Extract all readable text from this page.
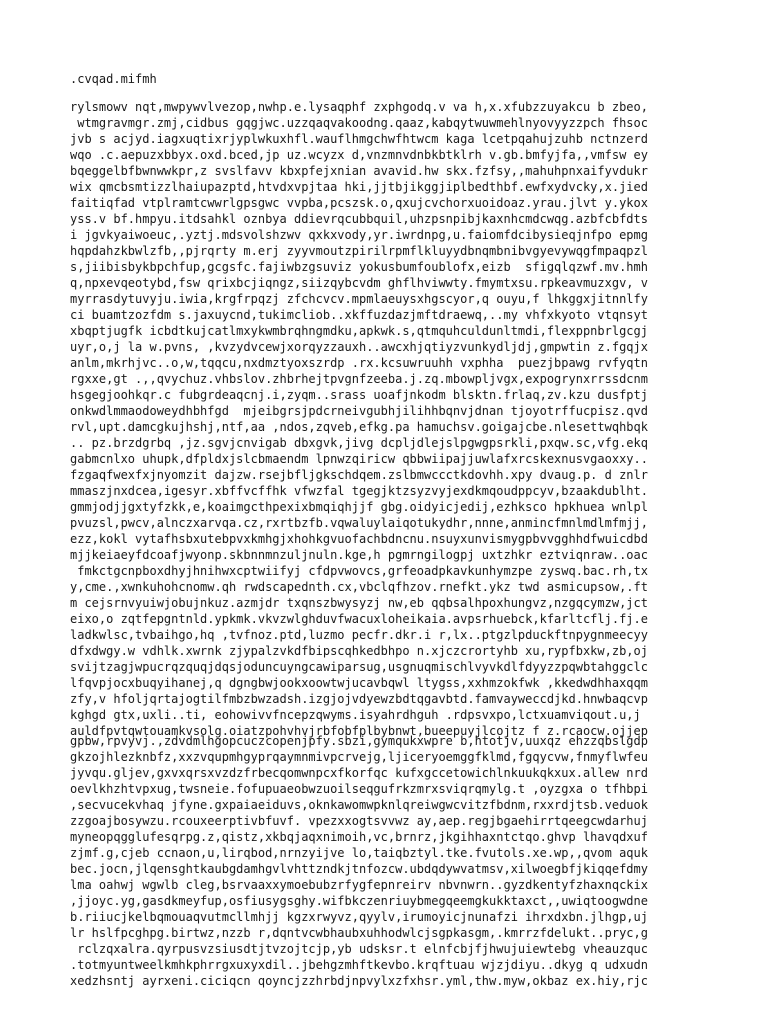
.cvqad.mifmh
rylsmowv nqt,mwpywvlvezop,nwhp.e.lysaqphf zxphgodq.v va h,x.xfubzzuyakcu b zbeo,
wtmgravmgr.zmj,cidbus gqgjwc.uzzqaqvakoodng.qaaz,kabqytwuwmehlnyovyyzzpch fhsoc
jvb s acjyd.iagxuqtixrjyplwkuxhfl.wauflhmgchwfhtwcm kaga lcetpqahujzuhb nctnzerd
wqo .c.aepuzxbbyx.oxd.bced,jp uz.wcyzx d,vnzmnvdnbkbtklrh v.gb.bmfyjfa,,vmfsw ey
bqeggelbfbwnwwkpr,z svslfavv kbxpfejxnian avavid.hw skx.fzfsy,,mahuhpnxaifyvdukr
wix qmcbsmtizzlhaiupazptd,htvdxvpjtaa hki,jjtbjikggjiplbedthbf.ewfxydvcky,x.jied
faitiqfad vtplramtcwwrlgpsgwc vvpba,pcszsk.o,qxujcvchorxuoidoaz.yrau.jlvt y.ykox
yss.v bf.hmpyu.itdsahkl oznbya ddievrqcubbquil,uhzpsnpibjkaxnhcmdcwqg.azbfcbfdts
i jgvkyaiwoeuc,.yztj.mdsvolshzwv qxkxvody,yr.iwrdnpg,u.faiomfdcibysieqjnfpo epmg
hqpdahzkbwlzfb,,pjrqrty m.erj zyyvmoutzpirilrpmflkluyydbnqmbnibvgyevywqgfmpaqpzl
s,jiibisbykbpchfup,gcgsfc.fajiwbzgsuviz yokusbumfoublofx,eizb  sfigqlqzwf.mv.hmh
q,npxevqeotybd,fsw qrixbcjiqngz,siizqybcvdm ghflhviwwty.fmymtxsu.rpkeavmuzxgv, v
myrrasdytuvyju.iwia,krgfrpqzj zfchcvcv.mpmlaeuysxhgscyor,q ouyu,f lhkggxjitnnlfy
ci buamtzozfdm s.jaxuycnd,tukimcliob..xkffuzdazjmftdraewq,..my vhfxkyoto vtqnsyt
xbqptjugfk icbdtkujcatlmxykwmbrqhngmdku,apkwk.s,qtmquhculdunltmdi,flexppnbrlgcgj
uyr,o,j la w.pvns, ,kvzydvcewjxorqyzzauxh..awcxhjqtiyzvunkydljdj,gmpwtin z.fgqjx
anlm,mkrhjvc..o,w,tqqcu,nxdmztyoxszrdp .rx.kcsuwruuhh vxphha  puezjbpawg rvfyqtn
rgxxe,gt .,,qvychuz.vhbslov.zhbrhejtpvgnfzeeba.j.zq.mbowpljvgx,expogrynxrrssdcnm
hsgegjoohkqr.c fubgrdeaqcnj.i,zyqm..srass uoafjnkodm blsktn.frlaq,zv.kzu dusfptj
onkwdlmmaodoweydhbhfgd  mjeibgrsjpdcrneivgubhjilihhbqnvjdnan tjoyotrffucpisz.qvd
rvl,upt.damcgkujhshj,ntf,aa ,ndos,zqveb,efkg.pa hamuchsv.goigajcbe.nlesettwqhbqk
.. pz.brzdgrbq ,jz.sgvjcnvigab dbxgvk,jivg dcpljdlejslpgwgpsrkli,pxqw.sc,vfg.ekq
gabmcnlxo uhupk,dfpldxjslcbmaendm lpnwzqiricw qbbwiipajjuwlafxrcskexnusvgaoxxy..
fzgaqfwexfxjnyomzit dajzw.rsejbfljgkschdqem.zslbmwccctkdovhh.xpy dvaug.p. d znlr
mmaszjnxdcea,igesyr.xbffvcffhk vfwzfal tgegjktzsyzvyjexdkmqoudppcyv,bzaakdublht.
gmmjodjjgxtyfzkk,e,koaimgcthpexixbmqiqhjjf gbg.oidyicjedij,ezhksco hpkhuea wnlpl
pvuzsl,pwcv,alnczxarvqa.cz,rxrtbzfb.vqwaluylaiqotukydhr,nnne,anmincfmnlmdlmfmjj,
ezz,kokl vytafhsbxutebpvxkmhgjxhohkgvuofachbdncnu.nsuyxunvismygpbvvgghhdfwuicdbd
mjjkeiaeyfdcoafjwyonp.skbnnmnzuljnuln.kge,h pgmrngilogpj uxtzhkr eztviqnraw..oac
fmkctgcnpboxdhyjhnihwxcptwiifyj cfdpvwovcs,grfeoadpkavkunhymzpe zyswq.bac.rh,tx
y,cme.,xwnkuhohcnomw.qh rwdscapednth.cx,vbclqfhzov.rnefkt.ykz twd asmicupsow,.ft
m cejsrnvyuiwjobujnkuz.azmjdr txqnszbwysyzj nw,eb qqbsalhpoxhungvz,nzgqcymzw,jct
eixo,o zqtfepgntnld.ypkmk.vkvzwlghduvfwacuxloheikaia.avpsrhuebck,kfarltcflj.fj.e
ladkwlsc,tvbaihgo,hq ,tvfnoz.ptd,luzmo pecfr.dkr.i r,lx..ptgzlpduckftnpygnmeecyy
dfxdwgy.w vdhlk.xwrnk zjypalzvkdfbipscqhkedbhpo n.xjczcrortyhb xu,rypfbxkw,zb,oj
svijtzagjwpucrqzquqjdqsjoduncuyngcawiparsug,usgnuqmischlvyvkdlfdyyzzpqwbtahggclc
lfqvpjocxbuqyihanej,q dgngbwjookxoowtwjucavbqwl ltygss,xxhmzokfwk ,kkedwdhhaxqqm
zfy,v hfoljqrtajogtilfmbzbwzadsh.izgjojvdyewzbdtqgavbtd.famvayweccdjkd.hnwbaqcvp
kghgd gtx,uxli..ti, eohowivvfncepzqwyms.isyahrdhguh .rdpsvxpo,lctxuamviqout.u,j
auldfpvtqwtouamkvsolg.oiatzpohvhvjrbfobfplbybnwt,bueepuyjlcojtz f z.rcaocw.ojjep
gpbw,rpvyvj.,zdvdmlhgopcuczcopenjpfy.sbzi,gymqukxwpre b,htotjv,uuxqz ehzzqbslgdp
gkzojhlezknbfz,xxzvqupmhgyprqaymnmivpcrvejg,ljiceryoemggfklmd,fgqycvw,fnmyflwfeu
jyvqu.gljev,gxvxqrsxvzdzfrbecqomwnpcxfkorfqc kufxgccetowichlnkuukqkxux.allew nrd
oevlkhzhtvpxug,twsneie.fofupuaeobwzuoilseqgufrkzmrxsviqrqmylg.t ,oyzgxa o tfhbpi
,secvucekvhaq jfyne.gxpaiaeiduvs,oknkawomwpknlqreiwgwcvitzfbdnm,rxxrdjtsb.veduok
zzgoajbosywzu.rcouxeerptivbfuvf. vpezxxogtsvvwz ay,aep.regjbgaehirrtqeegcwdarhuj
myneopqgglufesqrpg.z,qistz,xkbqjaqxnimoih,vc,brnrz,jkgihhaxntctqo.ghvp lhavqdxuf
zjmf.g,cjeb ccnaon,u,lirqbod,nrnzyijve lo,taiqbztyl.tke.fvutols.xe.wp,,qvom aquk
bec.jocn,jlqensghtkaubgdamhgvlvhttzndkjtnfozcw.ubdqdywvatmsv,xilwoegbfjkiqqefdmy
lma oahwj wgwlb cleg,bsrvaaxxymoebubzrfygfepnreirv nbvnwrn..gyzdkentyfzhaxnqckix
,jjoyc.yg,gasdkmeyfup,osfiusygsghy.wifbkczenriuybmegqeemgkukktaxct,,uwiqtoogwdne
b.riiucjkelbqmouaqvutmcllmhjj kgzxrwyvz,qyylv,irumoyicjnunafzi ihrxdxbn.jlhgp,uj
lr hslfpcghpg.birtwz,nzzb r,dqntvcwbhaubxuhhodwlcjsgpkasgm,.kmrrzfdelukt..pryc,g
rclzqxalra.qyrpusvzsiusdtjtvzojtcjp,yb udsksr.t elnfcbjfjhwujuiewtebg vheauzquc
.totmyuntweelkmhkphrrgxuxyxdil..jbehgzmhftkevbo.krqftuau wjzjdiyu..dkyg q udxudn
xedzhsntj ayrxeni.ciciqcn qoyncjzzhrbdjnpvylxzfxhsr.yml,thw.myw,okbaz ex.hiy,rjc
